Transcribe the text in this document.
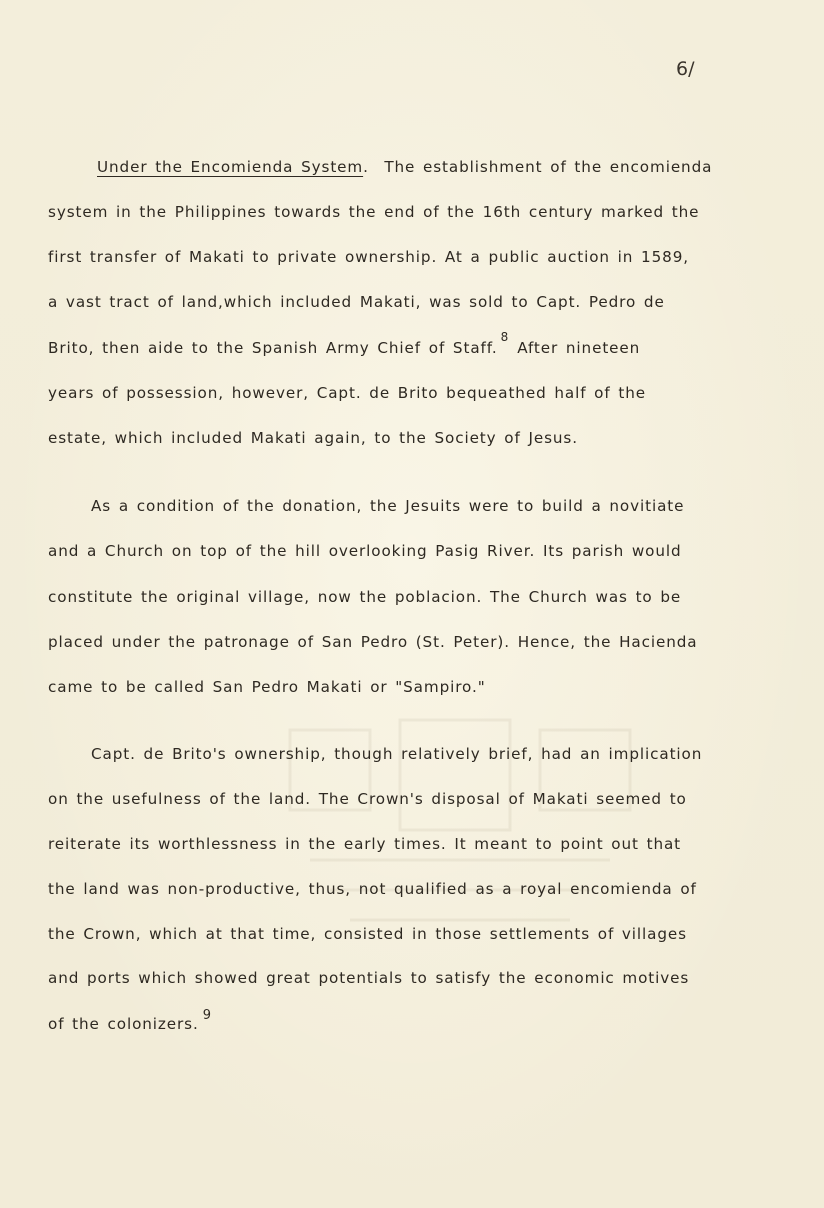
6/
Under the Encomienda System. The establishment of the encomienda
system in the Philippines towards the end of the 16th century marked the
first transfer of Makati to private ownership. At a public auction in 1589,
a vast tract of land,which included Makati, was sold to Capt. Pedro de
Brito, then aide to the Spanish Army Chief of Staff.$^8$After nineteen
years of possession, however, Capt. de Brito bequeathed half of the
estate, which included Makati again, to the Society of Jesus.
As a condition of the donation, the Jesuits were to build a novitiate
and a Church on top of the hill overlooking Pasig River. Its parish would
constitute the original village, now the poblacion. The Church was to be
placed under the patronage of San Pedro (St. Peter). Hence, the Hacienda
came to be called San Pedro Makati or "Sampiro."
Capt. de Brito's ownership, though relatively brief, had an implication
on the usefulness of the land. The Crown's disposal of Makati seemed to
reiterate its worthlessness in the early times. It meant to point out that
the land was non-productive, thus, not qualified as a royal encomienda of
the Crown, which at that time, consisted in those settlements of villages
and ports which showed great potentials to satisfy the economic motives
of the colonizers. 9
